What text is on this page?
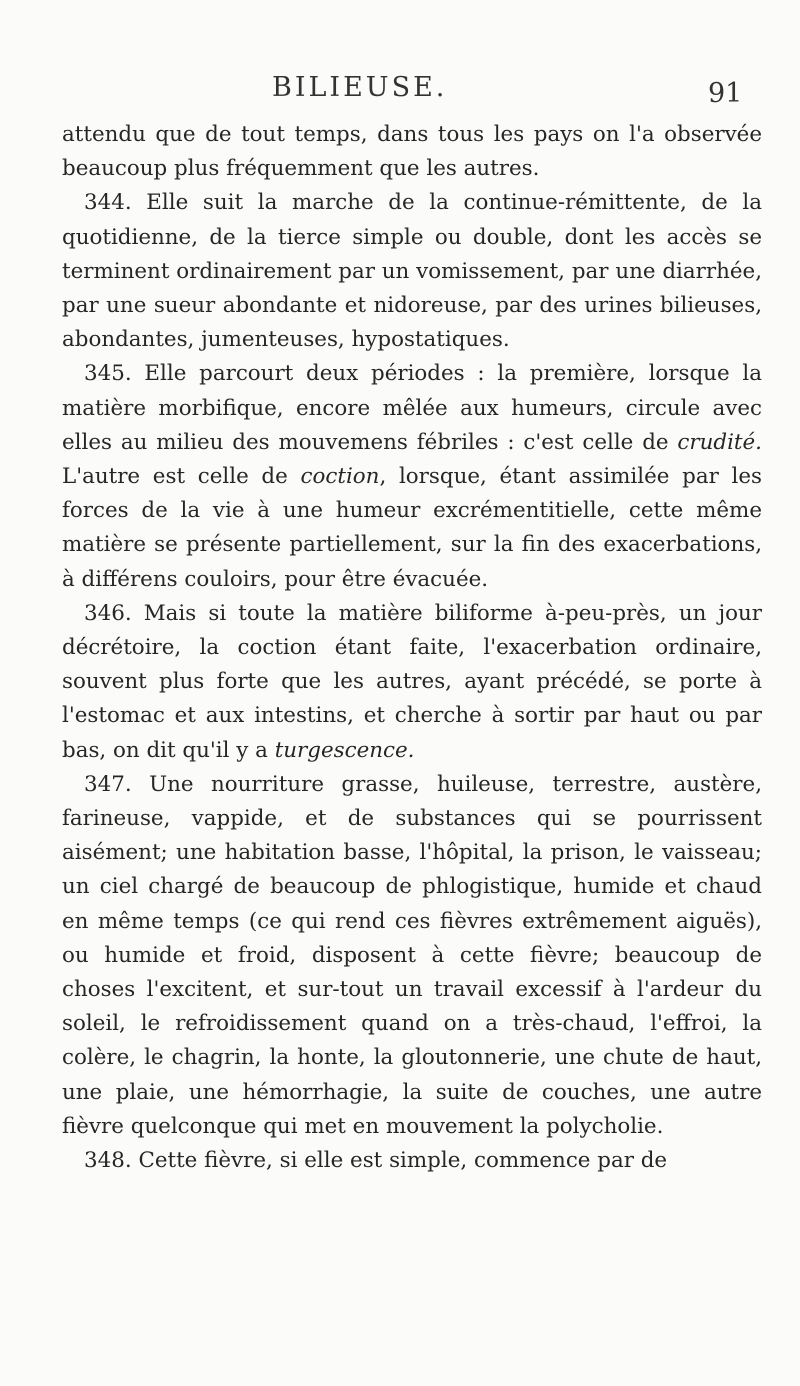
BILIEUSE.	91

attendu que de tout temps, dans tous les pays on l'a observée beaucoup plus fréquemment que les autres.

344. Elle suit la marche de la continue-rémittente, de la quotidienne, de la tierce simple ou double, dont les accès se terminent ordinairement par un vomissement, par une diarrhée, par une sueur abondante et nidoreuse, par des urines bilieuses, abondantes, jumenteuses, hypostatiques.

345. Elle parcourt deux périodes : la première, lorsque la matière morbifique, encore mêlée aux humeurs, circule avec elles au milieu des mouvemens fébriles : c'est celle de crudité. L'autre est celle de coction, lorsque, étant assimilée par les forces de la vie à une humeur excrémentitielle, cette même matière se présente partiellement, sur la fin des exacerbations, à différens couloirs, pour être évacuée.

346. Mais si toute la matière biliforme à-peu-près, un jour décrétoire, la coction étant faite, l'exacerbation ordinaire, souvent plus forte que les autres, ayant précédé, se porte à l'estomac et aux intestins, et cherche à sortir par haut ou par bas, on dit qu'il y a turgescence.

347. Une nourriture grasse, huileuse, terrestre, austère, farineuse, vappide, et de substances qui se pourrissent aisément; une habitation basse, l'hôpital, la prison, le vaisseau; un ciel chargé de beaucoup de phlogistique, humide et chaud en même temps (ce qui rend ces fièvres extrêmement aiguës), ou humide et froid, disposent à cette fièvre; beaucoup de choses l'excitent, et sur-tout un travail excessif à l'ardeur du soleil, le refroidissement quand on a très-chaud, l'effroi, la colère, le chagrin, la honte, la gloutonnerie, une chute de haut, une plaie, une hémorrhagie, la suite de couches, une autre fièvre quelconque qui met en mouvement la polycholie.

348. Cette fièvre, si elle est simple, commence par de
